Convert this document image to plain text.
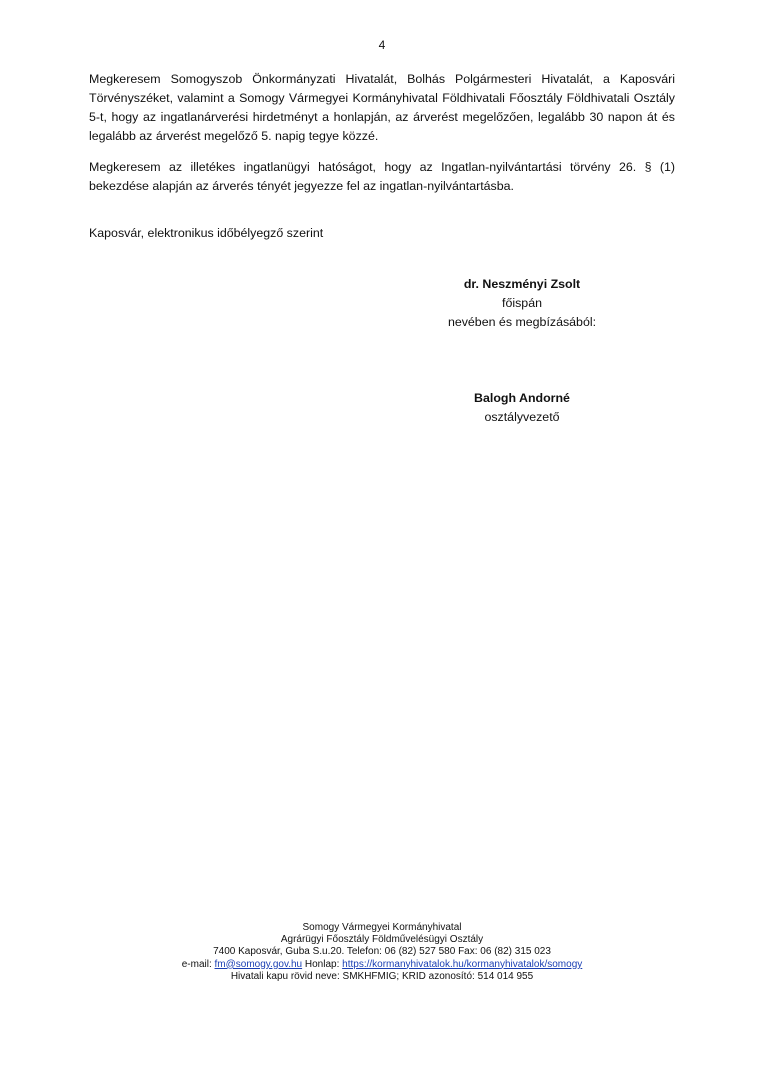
4
Megkeresem Somogyszob Önkormányzati Hivatalát, Bolhás Polgármesteri Hivatalát, a Kaposvári Törvényszéket, valamint a Somogy Vármegyei Kormányhivatal Földhivatali Főosztály Földhivatali Osztály 5-t, hogy az ingatlanárverési hirdetményt a honlapján, az árverést megelőzően, legalább 30 napon át és legalább az árverést megelőző 5. napig tegye közzé.
Megkeresem az illetékes ingatlanügyi hatóságot, hogy az Ingatlan-nyilvántartási törvény 26. § (1) bekezdése alapján az árverés tényét jegyezze fel az ingatlan-nyilvántartásba.
Kaposvár, elektronikus időbélyegző szerint
dr. Neszményi Zsolt
főispán
nevében és megbízásából:
Balogh Andorné
osztályvezető
Somogy Vármegyei Kormányhivatal
Agrárügyi Főosztály Földművelésügyi Osztály
7400 Kaposvár, Guba S.u.20. Telefon: 06 (82) 527 580 Fax: 06 (82) 315 023
e-mail: fm@somogy.gov.hu Honlap: https://kormanyhivatalok.hu/kormanyhivatalok/somogy
Hivatali kapu rövid neve: SMKHFMIG; KRID azonosító: 514 014 955
